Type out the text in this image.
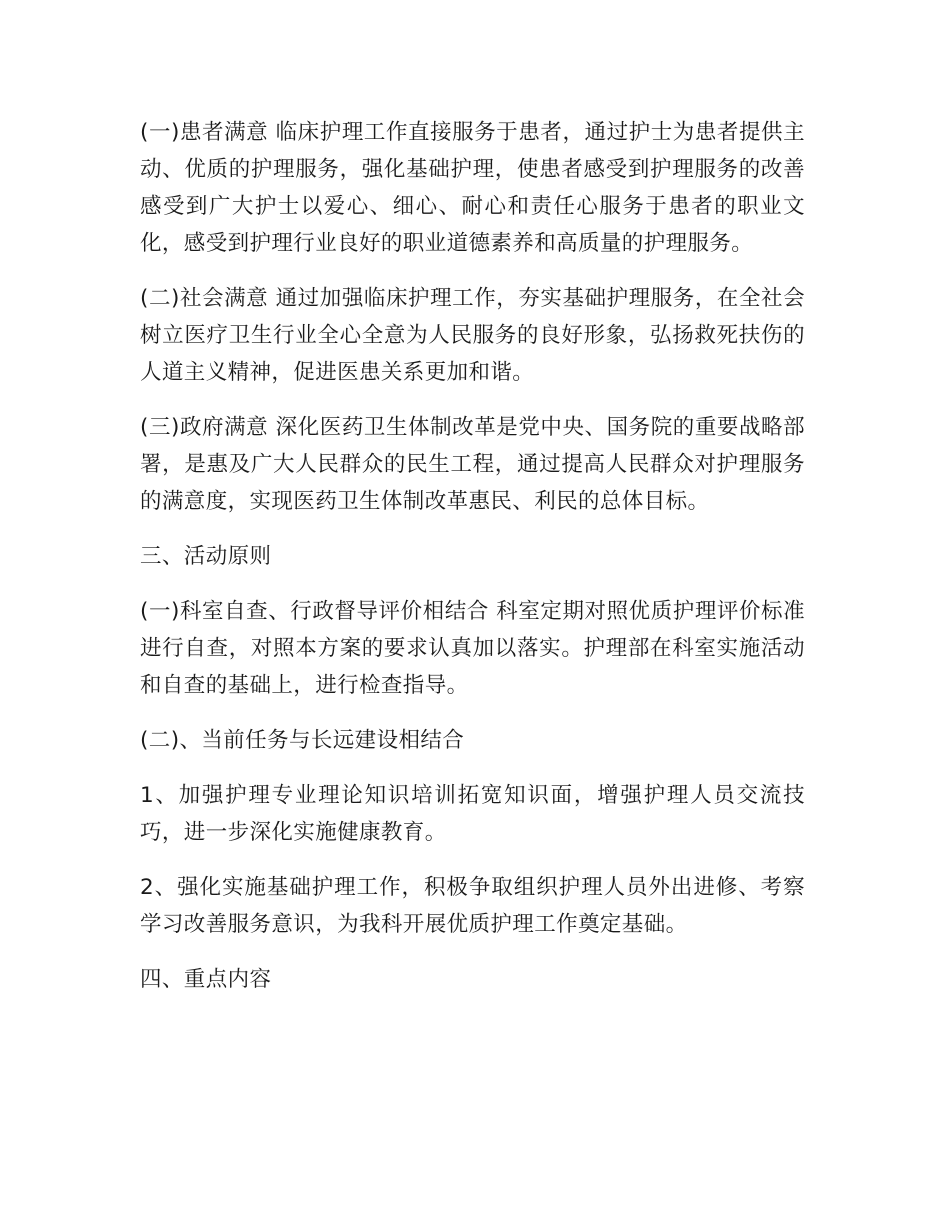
(一)患者满意 临床护理工作直接服务于患者，通过护士为患者提供主动、优质的护理服务，强化基础护理，使患者感受到护理服务的改善感受到广大护士以爱心、细心、耐心和责任心服务于患者的职业文化，感受到护理行业良好的职业道德素养和高质量的护理服务。

(二)社会满意 通过加强临床护理工作，夯实基础护理服务，在全社会树立医疗卫生行业全心全意为人民服务的良好形象，弘扬救死扶伤的人道主义精神，促进医患关系更加和谐。

(三)政府满意 深化医药卫生体制改革是党中央、国务院的重要战略部署，是惠及广大人民群众的民生工程，通过提高人民群众对护理服务的满意度，实现医药卫生体制改革惠民、利民的总体目标。

三、活动原则

(一)科室自查、行政督导评价相结合 科室定期对照优质护理评价标准进行自查，对照本方案的要求认真加以落实。护理部在科室实施活动和自查的基础上，进行检查指导。

(二)、当前任务与长远建设相结合

1、加强护理专业理论知识培训拓宽知识面，增强护理人员交流技巧，进一步深化实施健康教育。

2、强化实施基础护理工作，积极争取组织护理人员外出进修、考察学习改善服务意识，为我科开展优质护理工作奠定基础。

四、重点内容
